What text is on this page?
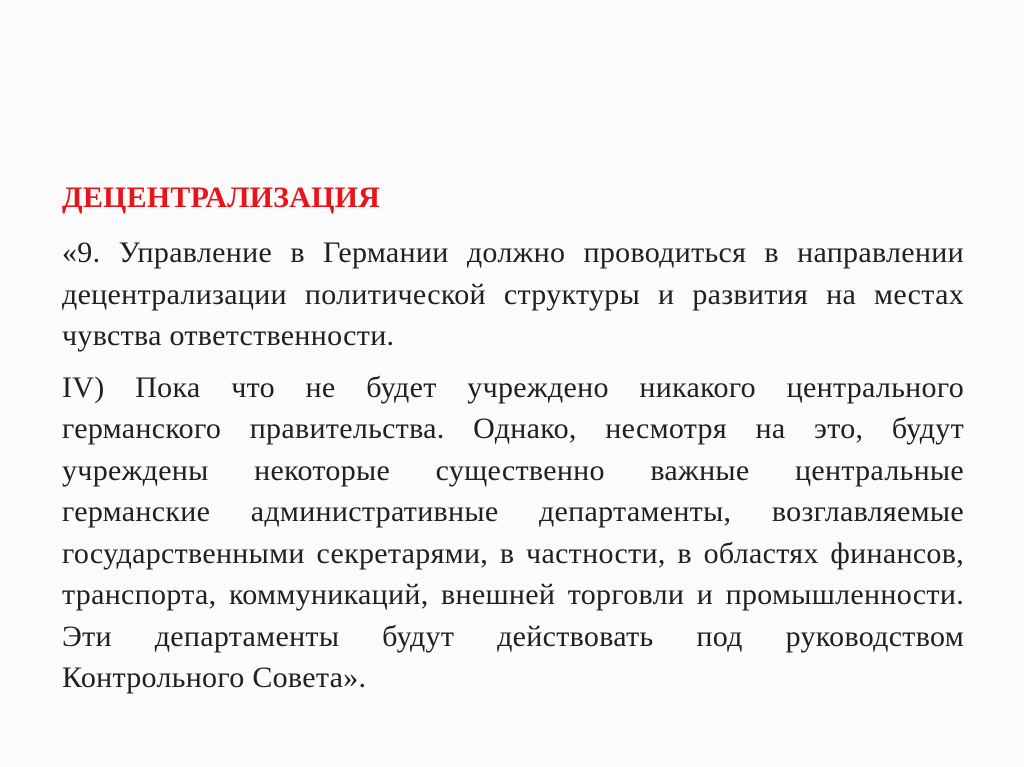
ДЕЦЕНТРАЛИЗАЦИЯ

«9. Управление в Германии должно проводиться в направлении децентрализации политической структуры и развития на местах чувства ответственности.

IV) Пока что не будет учреждено никакого центрального германского правительства. Однако, несмотря на это, будут учреждены некоторые существенно важные центральные германские административные департаменты, возглавляемые государственными секретарями, в частности, в областях финансов, транспорта, коммуникаций, внешней торговли и промышленности. Эти департаменты будут действовать под руководством Контрольного Совета».
